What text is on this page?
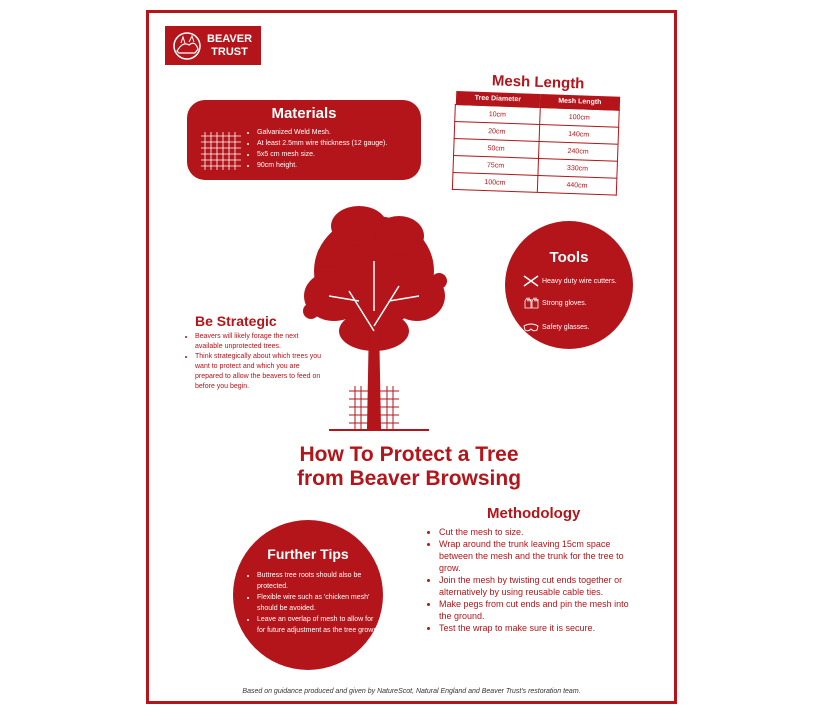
BEAVER
TRUST
Materials
• Galvanized Weld Mesh.
• At least 2.5mm wire thickness (12 gauge).
• 5x5 cm mesh size.
• 90cm height.
Mesh Length
Tree Diameter	Mesh Length
10cm	100cm
20cm	140cm
50cm	240cm
75cm	330cm
100cm	440cm
Tools
Heavy duty wire cutters.
Strong gloves.
Safety glasses.
Be Strategic
• Beavers will likely forage the next available unprotected trees.
• Think strategically about which trees you want to protect and which you are prepared to allow the beavers to feed on before you begin.
How To Protect a Tree
from Beaver Browsing
Further Tips
• Buttress tree roots should also be protected.
• Flexible wire such as 'chicken mesh' should be avoided.
• Leave an overlap of mesh to allow for for future adjustment as the tree grows.
Methodology
• Cut the mesh to size.
• Wrap around the trunk leaving 15cm space between the mesh and the trunk for the tree to grow.
• Join the mesh by twisting cut ends together or alternatively by using reusable cable ties.
• Make pegs from cut ends and pin the mesh into the ground.
• Test the wrap to make sure it is secure.
Based on guidance produced and given by NatureScot, Natural England and Beaver Trust's restoration team.
